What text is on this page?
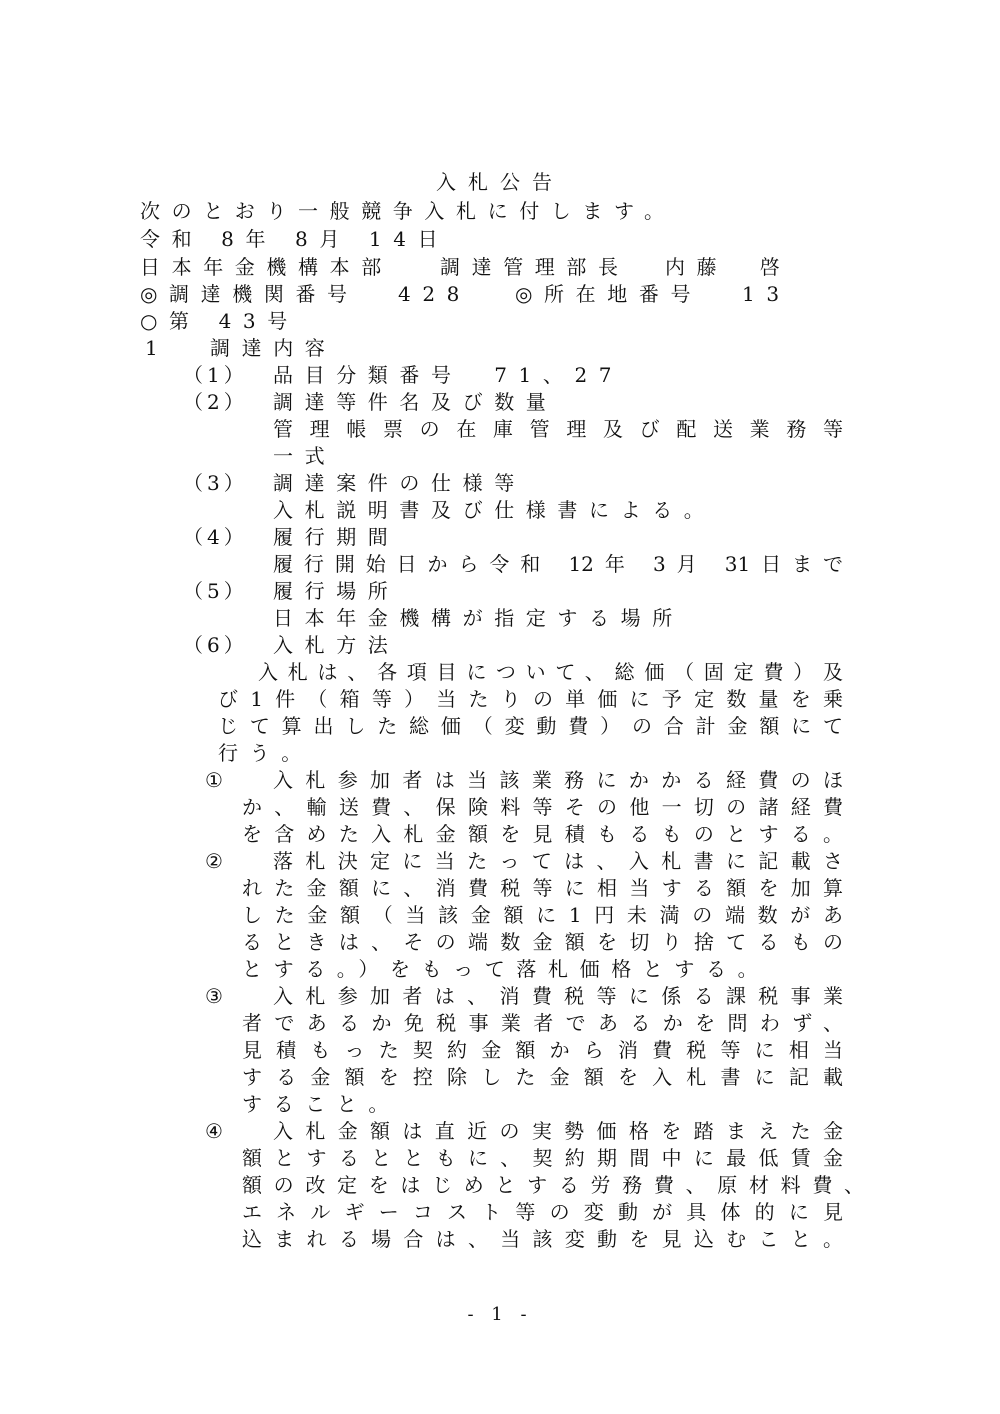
入札公告
次のとおり一般競争入札に付します。
令和 8年 8月 14日
日本年金機構本部 調達管理部長 内藤　啓
◎調達機関番号 428 ◎所在地番号 13
○第 43号
1 調達内容
（1） 品目分類番号　71、27
（2） 調達等件名及び数量
管理帳票の在庫管理及び配送業務等
一式
（3） 調達案件の仕様等
入札説明書及び仕様書による。
（4） 履行期間
履行開始日から令和 12年 3月 31日まで
（5） 履行場所
日本年金機構が指定する場所
（6） 入札方法
入札は、各項目について、総価（固定費）及
び1件（箱等）当たりの単価に予定数量を乗
じて算出した総価（変動費）の合計金額にて
行う。
① 入札参加者は当該業務にかかる経費のほ
か、輸送費、保険料等その他一切の諸経費
を含めた入札金額を見積もるものとする。
② 落札決定に当たっては、入札書に記載さ
れた金額に、消費税等に相当する額を加算
した金額（当該金額に1円未満の端数があ
るときは、その端数金額を切り捨てるもの
とする。）をもって落札価格とする。
③ 入札参加者は、消費税等に係る課税事業
者であるか免税事業者であるかを問わず、
見積もった契約金額から消費税等に相当
する金額を控除した金額を入札書に記載
すること。
④ 入札金額は直近の実勢価格を踏まえた金
額とするとともに、契約期間中に最低賃金
額の改定をはじめとする労務費、原材料費、
エネルギーコスト等の変動が具体的に見
込まれる場合は、当該変動を見込むこと。
- 1 -
